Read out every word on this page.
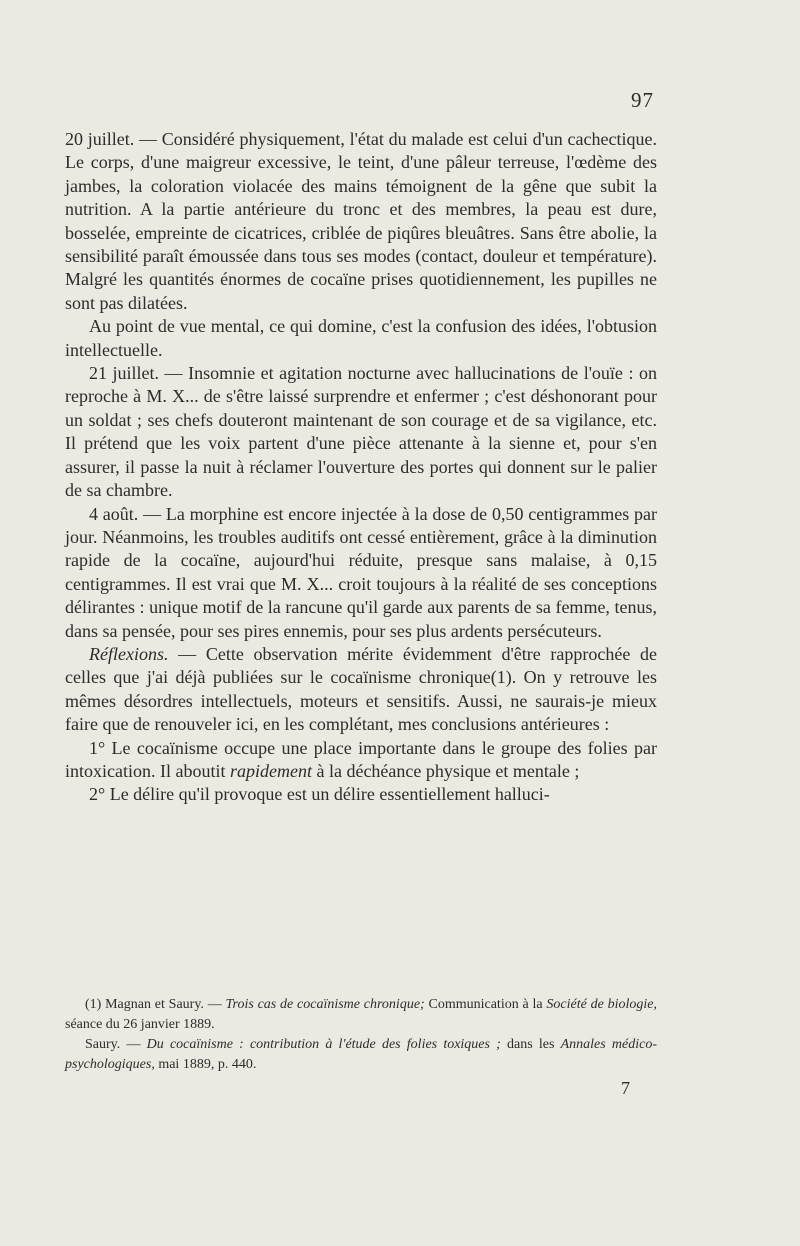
97

20 juillet. — Considéré physiquement, l'état du malade est celui d'un cachectique. Le corps, d'une maigreur excessive, le teint, d'une pâleur terreuse, l'œdème des jambes, la coloration violacée des mains témoignent de la gêne que subit la nutrition. A la partie antérieure du tronc et des membres, la peau est dure, bosselée, empreinte de cicatrices, criblée de piqûres bleuâtres. Sans être abolie, la sensibilité paraît émoussée dans tous ses modes (contact, douleur et température). Malgré les quantités énormes de cocaïne prises quotidiennement, les pupilles ne sont pas dilatées.

Au point de vue mental, ce qui domine, c'est la confusion des idées, l'obtusion intellectuelle.

21 juillet. — Insomnie et agitation nocturne avec hallucinations de l'ouïe : on reproche à M. X... de s'être laissé surprendre et enfermer ; c'est déshonorant pour un soldat ; ses chefs douteront maintenant de son courage et de sa vigilance, etc. Il prétend que les voix partent d'une pièce attenante à la sienne et, pour s'en assurer, il passe la nuit à réclamer l'ouverture des portes qui donnent sur le palier de sa chambre.

4 août. — La morphine est encore injectée à la dose de 0,50 centigrammes par jour. Néanmoins, les troubles auditifs ont cessé entièrement, grâce à la diminution rapide de la cocaïne, aujourd'hui réduite, presque sans malaise, à 0,15 centigrammes. Il est vrai que M. X... croit toujours à la réalité de ses conceptions délirantes : unique motif de la rancune qu'il garde aux parents de sa femme, tenus, dans sa pensée, pour ses pires ennemis, pour ses plus ardents persécuteurs.

Réflexions. — Cette observation mérite évidemment d'être rapprochée de celles que j'ai déjà publiées sur le cocaïnisme chronique(1). On y retrouve les mêmes désordres intellectuels, moteurs et sensitifs. Aussi, ne saurais-je mieux faire que de renouveler ici, en les complétant, mes conclusions antérieures :

1° Le cocaïnisme occupe une place importante dans le groupe des folies par intoxication. Il aboutit rapidement à la déchéance physique et mentale ;

2° Le délire qu'il provoque est un délire essentiellement halluci-

(1) Magnan et Saury. — Trois cas de cocaïnisme chronique; Communication à la Société de biologie, séance du 26 janvier 1889.

Saury. — Du cocaïnisme : contribution à l'étude des folies toxiques ; dans les Annales médico-psychologiques, mai 1889, p. 440.

7
